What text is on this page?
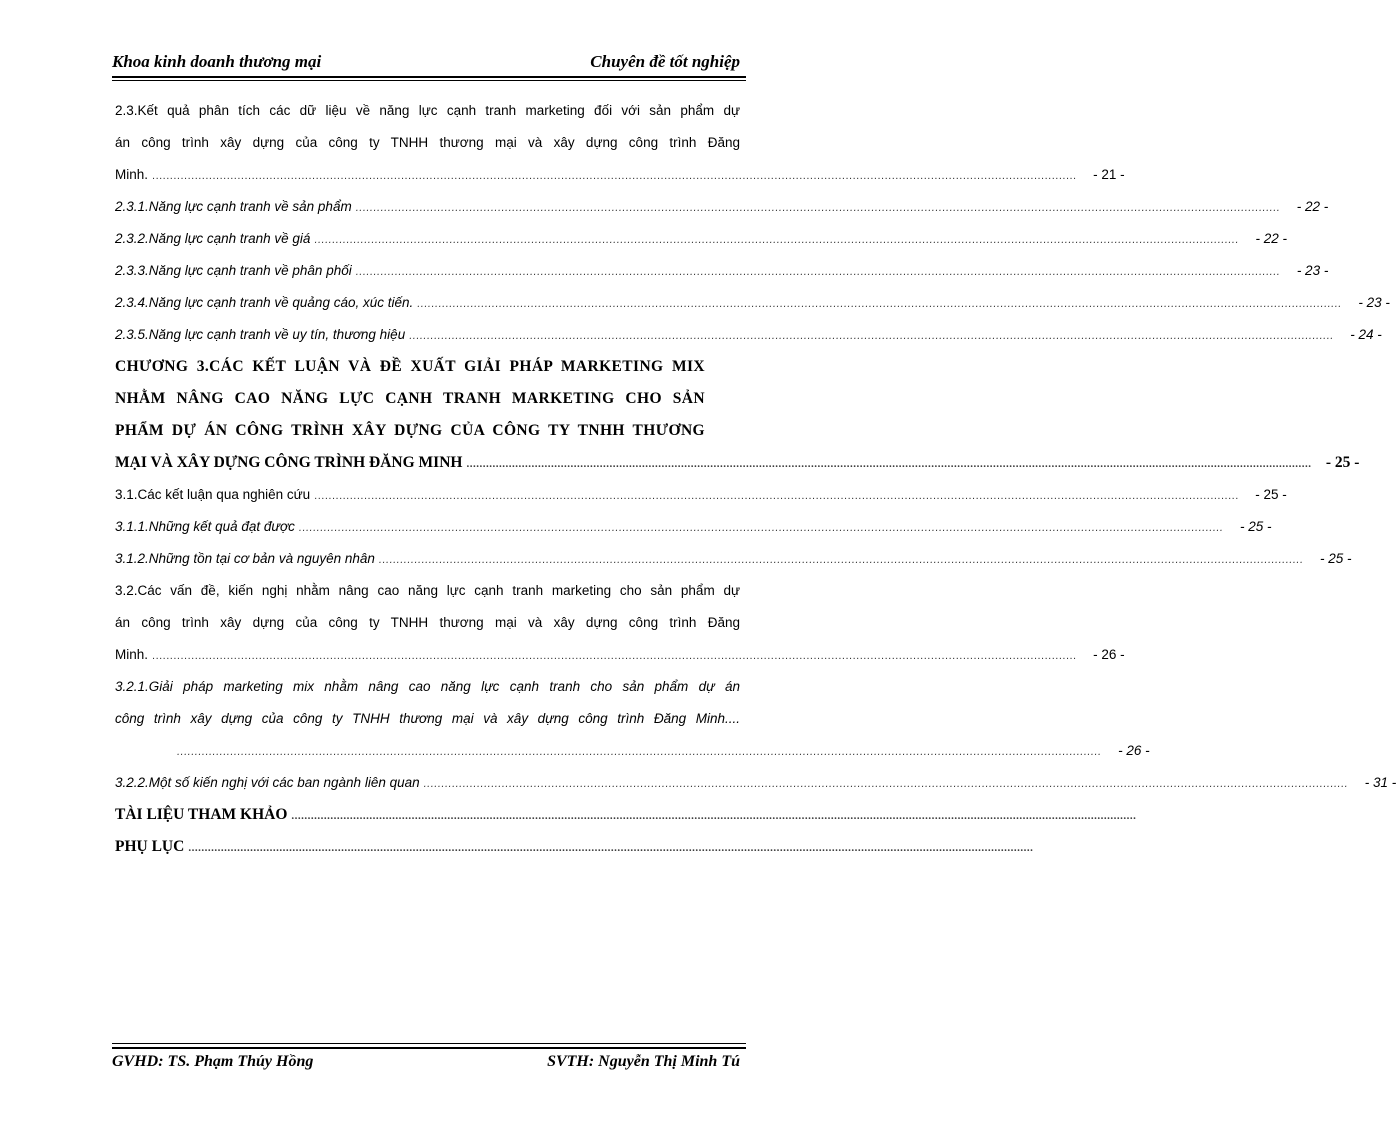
Khoa kinh doanh thương mại	Chuyên đề tốt nghiệp
2.3.Kết quả phân tích các dữ liệu về năng lực cạnh tranh marketing đối với sản phẩm dự
án công trình xây dựng của công ty TNHH thương mại và xây dựng công trình Đăng
Minh. ....................................................................................................................................................................................................................................................................	- 21 -
2.3.1.Năng lực cạnh tranh về sản phẩm ....................................................................................................................................................................................................................................................................	- 22 -
2.3.2.Năng lực cạnh tranh về giá ....................................................................................................................................................................................................................................................................	- 22 -
2.3.3.Năng lực cạnh tranh về phân phối ....................................................................................................................................................................................................................................................................	- 23 -
2.3.4.Năng lực cạnh tranh về quảng cáo, xúc tiến. ....................................................................................................................................................................................................................................................................	- 23 -
2.3.5.Năng lực cạnh tranh về uy tín, thương hiệu ....................................................................................................................................................................................................................................................................	- 24 -
CHƯƠNG 3.CÁC KẾT LUẬN VÀ ĐỀ XUẤT GIẢI PHÁP MARKETING MIX
NHẰM NÂNG CAO NĂNG LỰC CẠNH TRANH MARKETING CHO SẢN
PHẨM DỰ ÁN CÔNG TRÌNH XÂY DỰNG CỦA CÔNG TY TNHH THƯƠNG
MẠI VÀ XÂY DỰNG CÔNG TRÌNH ĐĂNG MINH .................................................................................................................................................................................................................................................................... - 25 -
3.1.Các kết luận qua nghiên cứu ....................................................................................................................................................................................................................................................................	- 25 -
3.1.1.Những kết quả đạt được ....................................................................................................................................................................................................................................................................	- 25 -
3.1.2.Những tồn tại cơ bản và nguyên nhân ....................................................................................................................................................................................................................................................................	- 25 -
3.2.Các vấn đề, kiến nghị nhằm nâng cao năng lực cạnh tranh marketing cho sản phẩm dự
án công trình xây dựng của công ty TNHH thương mại và xây dựng công trình Đăng
Minh. ....................................................................................................................................................................................................................................................................	- 26 -
3.2.1.Giải pháp marketing mix nhằm nâng cao năng lực cạnh tranh cho sản phẩm dự án
công trình xây dựng của công ty TNHH thương mại và xây dựng công trình Đăng Minh....
....................................................................................................................................................................................................................................................................	- 26 -
3.2.2.Một số kiến nghị với các ban ngành liên quan ....................................................................................................................................................................................................................................................................	- 31 -
TÀI LIỆU THAM KHẢO ....................................................................................................................................................................................................................................................................
PHỤ LỤC ....................................................................................................................................................................................................................................................................
GVHD: TS. Phạm Thúy Hồng	SVTH: Nguyễn Thị Minh Tú
